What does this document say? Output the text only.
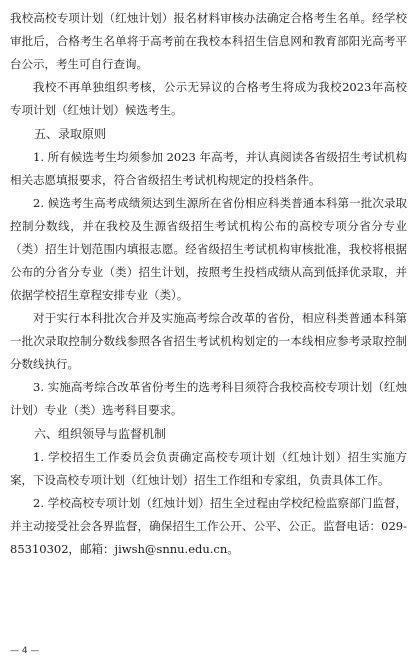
我校高校专项计划（红烛计划）报名材料审核办法确定合格考生名单。经学校审批后，合格考生名单将于高考前在我校本科招生信息网和教育部阳光高考平台公示，考生可自行查询。

我校不再单独组织考核，公示无异议的合格考生将成为我校2023年高校专项计划（红烛计划）候选考生。

五、录取原则

1. 所有候选考生均须参加 2023 年高考，并认真阅读各省级招生考试机构相关志愿填报要求，符合省级招生考试机构规定的投档条件。

2. 候选考生高考成绩须达到生源所在省份相应科类普通本科第一批次录取控制分数线，并在我校及生源省级招生考试机构公布的高校专项分省分专业（类）招生计划范围内填报志愿。经省级招生考试机构审核批准，我校将根据公布的分省分专业（类）招生计划，按照考生投档成绩从高到低择优录取，并依据学校招生章程安排专业（类）。

对于实行本科批次合并及实施高考综合改革的省份，相应科类普通本科第一批次录取控制分数线参照各省招生考试机构划定的一本线相应参考录取控制分数线执行。

3. 实施高考综合改革省份考生的选考科目须符合我校高校专项计划（红烛计划）专业（类）选考科目要求。

六、组织领导与监督机制

1. 学校招生工作委员会负责确定高校专项计划（红烛计划）招生实施方案，下设高校专项计划（红烛计划）招生工作组和专家组，负责具体工作。

2. 学校高校专项计划（红烛计划）招生全过程由学校纪检监察部门监督，并主动接受社会各界监督，确保招生工作公开、公平、公正。监督电话：029-85310302，邮箱：jiwsh@snnu.edu.cn。

— 4 —
